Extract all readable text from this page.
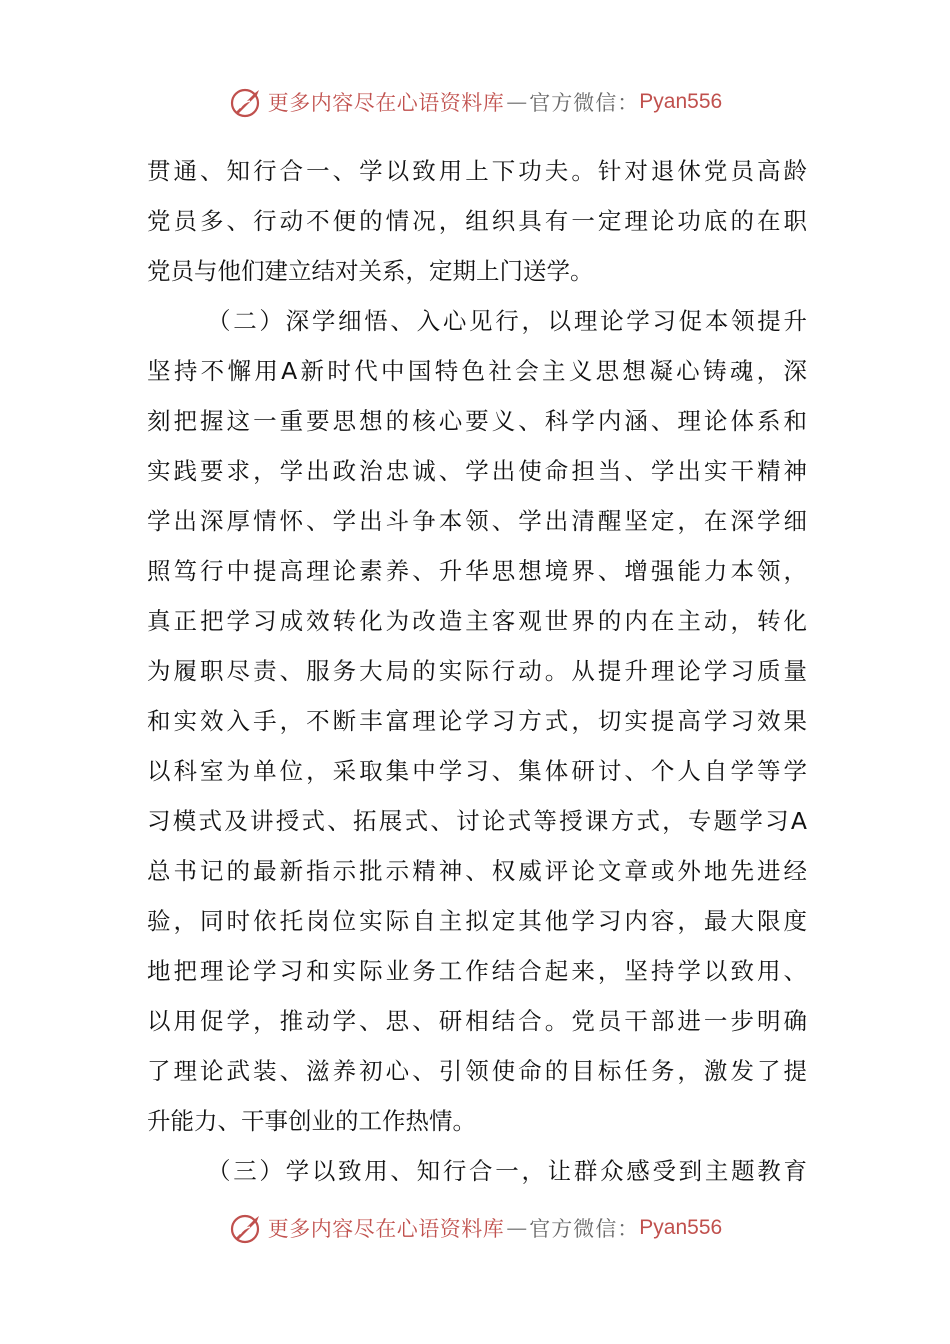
更多内容尽在心语资料库 — 官方微信： Pyan556
贯通、知行合一、学以致用上下功夫。针对退休党员高龄
党员多、行动不便的情况，组织具有一定理论功底的在职
党员与他们建立结对关系，定期上门送学。
（二）深学细悟、入心见行，以理论学习促本领提升
坚持不懈用A新时代中国特色社会主义思想凝心铸魂，深
刻把握这一重要思想的核心要义、科学内涵、理论体系和
实践要求，学出政治忠诚、学出使命担当、学出实干精神
学出深厚情怀、学出斗争本领、学出清醒坚定，在深学细
照笃行中提高理论素养、升华思想境界、增强能力本领，
真正把学习成效转化为改造主客观世界的内在主动，转化
为履职尽责、服务大局的实际行动。从提升理论学习质量
和实效入手，不断丰富理论学习方式，切实提高学习效果
以科室为单位，采取集中学习、集体研讨、个人自学等学
习模式及讲授式、拓展式、讨论式等授课方式，专题学习A
总书记的最新指示批示精神、权威评论文章或外地先进经
验，同时依托岗位实际自主拟定其他学习内容，最大限度
地把理论学习和实际业务工作结合起来，坚持学以致用、
以用促学，推动学、思、研相结合。党员干部进一步明确
了理论武装、滋养初心、引领使命的目标任务，激发了提
升能力、干事创业的工作热情。
（三）学以致用、知行合一，让群众感受到主题教育
更多内容尽在心语资料库 — 官方微信： Pyan556
